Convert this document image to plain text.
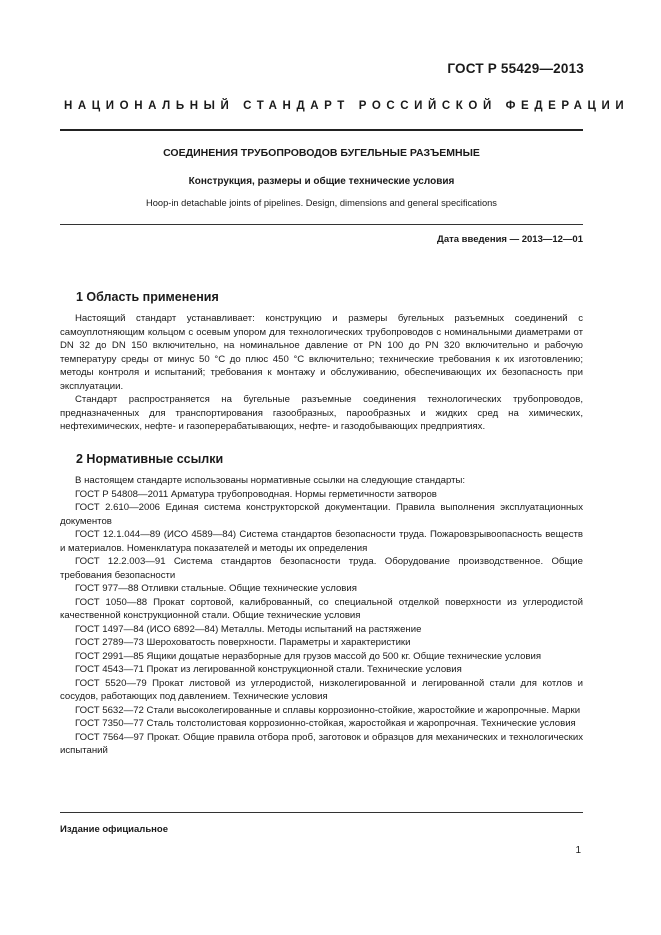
ГОСТ Р 55429—2013
НАЦИОНАЛЬНЫЙ СТАНДАРТ РОССИЙСКОЙ ФЕДЕРАЦИИ
СОЕДИНЕНИЯ ТРУБОПРОВОДОВ БУГЕЛЬНЫЕ РАЗЪЕМНЫЕ
Конструкция, размеры и общие технические условия
Hoop-in detachable joints of pipelines. Design, dimensions and general specifications
Дата введения — 2013—12—01
1 Область применения

Настоящий стандарт устанавливает: конструкцию и размеры бугельных разъемных соединений с самоуплотняющим кольцом с осевым упором для технологических трубопроводов с номинальными диаметрами от DN 32 до DN 150 включительно, на номинальное давление от PN 100 до PN 320 включительно и рабочую температуру среды от минус 50 °С до плюс 450 °С включительно; технические требования к их изготовлению; методы контроля и испытаний; требования к монтажу и обслуживанию, обеспечивающих их безопасность при эксплуатации.

Стандарт распространяется на бугельные разъемные соединения технологических трубопроводов, предназначенных для транспортирования газообразных, парообразных и жидких сред на химических, нефтехимических, нефте- и газоперерабатывающих, нефте- и газодобывающих предприятиях.

2 Нормативные ссылки

В настоящем стандарте использованы нормативные ссылки на следующие стандарты:

ГОСТ Р 54808—2011 Арматура трубопроводная. Нормы герметичности затворов

ГОСТ 2.610—2006 Единая система конструкторской документации. Правила выполнения эксплуатационных документов

ГОСТ 12.1.044—89 (ИСО 4589—84) Система стандартов безопасности труда. Пожаровзрывоопасность веществ и материалов. Номенклатура показателей и методы их определения

ГОСТ 12.2.003—91 Система стандартов безопасности труда. Оборудование производственное. Общие требования безопасности

ГОСТ 977—88 Отливки стальные. Общие технические условия

ГОСТ 1050—88 Прокат сортовой, калиброванный, со специальной отделкой поверхности из углеродистой качественной конструкционной стали. Общие технические условия

ГОСТ 1497—84 (ИСО 6892—84) Металлы. Методы испытаний на растяжение

ГОСТ 2789—73 Шероховатость поверхности. Параметры и характеристики

ГОСТ 2991—85 Ящики дощатые неразборные для грузов массой до 500 кг. Общие технические условия

ГОСТ 4543—71 Прокат из легированной конструкционной стали. Технические условия

ГОСТ 5520—79 Прокат листовой из углеродистой, низколегированной и легированной стали для котлов и сосудов, работающих под давлением. Технические условия

ГОСТ 5632—72 Стали высоколегированные и сплавы коррозионно-стойкие, жаростойкие и жаропрочные. Марки

ГОСТ 7350—77 Сталь толстолистовая коррозионно-стойкая, жаростойкая и жаропрочная. Технические условия

ГОСТ 7564—97 Прокат. Общие правила отбора проб, заготовок и образцов для механических и технологических испытаний

Издание официальное
1
